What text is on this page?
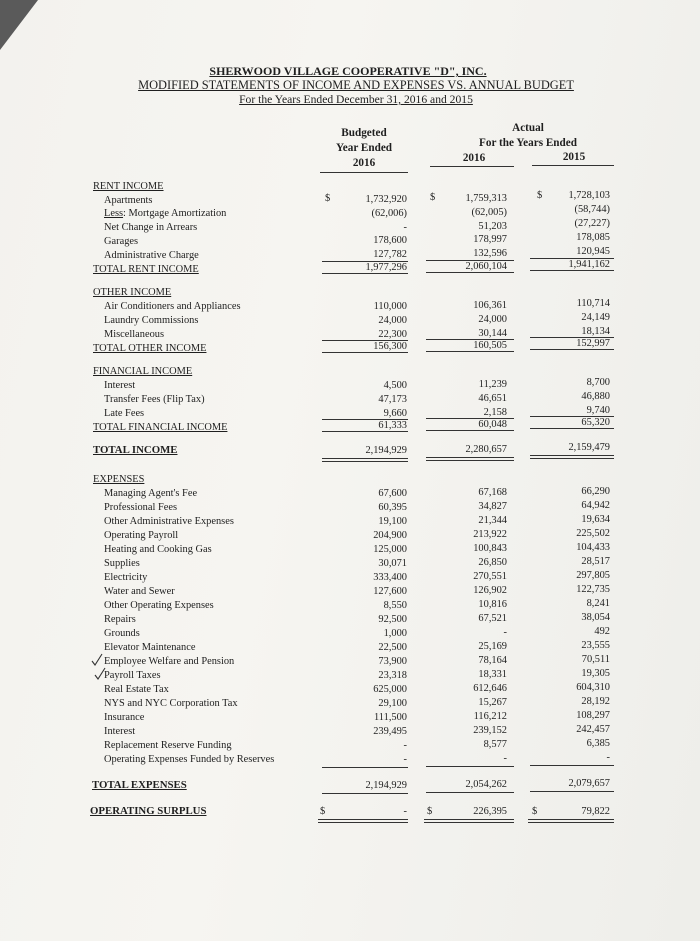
SHERWOOD VILLAGE COOPERATIVE "D", INC.
MODIFIED STATEMENTS OF INCOME AND EXPENSES VS. ANNUAL BUDGET
For the Years Ended December 31, 2016 and 2015
Budgeted
Year Ended
2016
Actual
For the Years Ended
2016	2015
RENT INCOME
Apartments	$	1,732,920 $	1,759,313	$	1,728,103
Less: Mortgage Amortization	(62,006)	(62,005)	(58,744)
Net Change in Arrears	-	51,203	(27,227)
Garages	178,600	178,997	178,085
Administrative Charge	127,782	132,596	120,945
TOTAL RENT INCOME	1,977,296	2,060,104	1,941,162
OTHER INCOME
Air Conditioners and Appliances	110,000	106,361	110,714
Laundry Commissions	24,000	24,000	24,149
Miscellaneous	22,300	30,144	18,134
TOTAL OTHER INCOME	156,300	160,505	152,997
FINANCIAL INCOME
Interest	4,500	11,239	8,700
Transfer Fees (Flip Tax)	47,173	46,651	46,880
Late Fees	9,660	2,158	9,740
TOTAL FINANCIAL INCOME	61,333	60,048	65,320
TOTAL INCOME	2,194,929	2,280,657	2,159,479
EXPENSES
Managing Agent's Fee	67,600	67,168	66,290
Professional Fees	60,395	34,827	64,942
Other Administrative Expenses	19,100	21,344	19,634
Operating Payroll	204,900	213,922	225,502
Heating and Cooking Gas	125,000	100,843	104,433
Supplies	30,071	26,850	28,517
Electricity	333,400	270,551	297,805
Water and Sewer	127,600	126,902	122,735
Other Operating Expenses	8,550	10,816	8,241
Repairs	92,500	67,521	38,054
Grounds	1,000	-	492
Elevator Maintenance	22,500	25,169	23,555
Employee Welfare and Pension	73,900	78,164	70,511
Payroll Taxes	23,318	18,331	19,305
Real Estate Tax	625,000	612,646	604,310
NYS and NYC Corporation Tax	29,100	15,267	28,192
Insurance	111,500	116,212	108,297
Interest	239,495	239,152	242,457
Replacement Reserve Funding	-	8,577	6,385
Operating Expenses Funded by Reserves	-	-	-
TOTAL EXPENSES	2,194,929	2,054,262	2,079,657
OPERATING SURPLUS	$	- $	226,395 $	79,822
